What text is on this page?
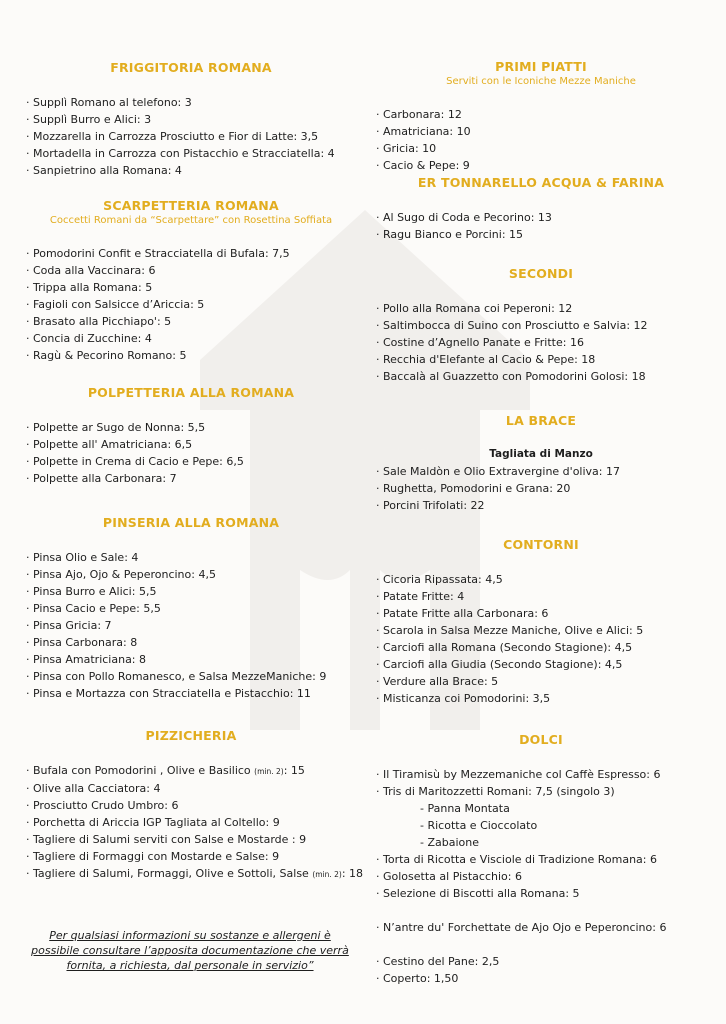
FRIGGITORIA ROMANA
· Supplì Romano al telefono: 3
· Supplì Burro e Alici: 3
· Mozzarella in Carrozza Prosciutto e Fior di Latte: 3,5
· Mortadella in Carrozza con Pistacchio e Stracciatella: 4
· Sanpietrino alla Romana: 4
SCARPETTERIA ROMANA
Coccetti Romani da “Scarpettare” con Rosettina Soffiata
· Pomodorini Confit e Stracciatella di Bufala: 7,5
· Coda alla Vaccinara: 6
· Trippa alla Romana: 5
· Fagioli con Salsicce d’Ariccia: 5
· Brasato alla Picchiapo': 5
· Concia di Zucchine: 4
· Ragù & Pecorino Romano: 5
POLPETTERIA ALLA ROMANA
· Polpette ar Sugo de Nonna: 5,5
· Polpette all' Amatriciana: 6,5
· Polpette in Crema di Cacio e Pepe: 6,5
· Polpette alla Carbonara: 7
PINSERIA ALLA ROMANA
· Pinsa Olio e Sale: 4
· Pinsa Ajo, Ojo & Peperoncino: 4,5
· Pinsa Burro e Alici: 5,5
· Pinsa Cacio e Pepe: 5,5
· Pinsa Gricia: 7
· Pinsa Carbonara: 8
· Pinsa Amatriciana: 8
· Pinsa con Pollo Romanesco, e Salsa MezzeManiche: 9
· Pinsa e Mortazza con Stracciatella e Pistacchio: 11
PIZZICHERIA
· Bufala con Pomodorini , Olive e Basilico (min. 2): 15
· Olive alla Cacciatora: 4
· Prosciutto Crudo Umbro: 6
· Porchetta di Ariccia IGP Tagliata al Coltello: 9
· Tagliere di Salumi serviti con Salse e Mostarde : 9
· Tagliere di Formaggi con Mostarde e Salse: 9
· Tagliere di Salumi, Formaggi, Olive e Sottoli, Salse (min. 2): 18
PRIMI PIATTI
Serviti con le Iconiche Mezze Maniche
· Carbonara: 12
· Amatriciana: 10
· Gricia: 10
· Cacio & Pepe: 9
ER TONNARELLO ACQUA & FARINA
· Al Sugo di Coda e Pecorino: 13
· Ragu Bianco e Porcini: 15
SECONDI
· Pollo alla Romana coi Peperoni: 12
· Saltimbocca di Suino con Prosciutto e Salvia: 12
· Costine d’Agnello Panate e Fritte: 16
· Recchia d'Elefante al Cacio & Pepe: 18
· Baccalà al Guazzetto con Pomodorini Golosi: 18
LA BRACE
Tagliata di Manzo
· Sale Maldòn e Olio Extravergine d'oliva: 17
· Rughetta, Pomodorini e Grana: 20
· Porcini Trifolati: 22
CONTORNI
· Cicoria Ripassata: 4,5
· Patate Fritte: 4
· Patate Fritte alla Carbonara: 6
· Scarola in Salsa Mezze Maniche, Olive e Alici: 5
· Carciofi alla Romana (Secondo Stagione): 4,5
· Carciofi alla Giudia (Secondo Stagione): 4,5
· Verdure alla Brace: 5
· Misticanza coi Pomodorini: 3,5
DOLCI
· Il Tiramisù by Mezzemaniche col Caffè Espresso: 6
· Tris di Maritozzetti Romani: 7,5 (singolo 3)
- Panna Montata
- Ricotta e Cioccolato
- Zabaione
· Torta di Ricotta e Visciole di Tradizione Romana: 6
· Golosetta al Pistacchio: 6
· Selezione di Biscotti alla Romana: 5
· N’antre du' Forchettate de Ajo Ojo e Peperoncino: 6
· Cestino del Pane: 2,5
· Coperto: 1,50
Per qualsiasi informazioni su sostanze e allergeni è possibile consultare l’apposita documentazione che verrà fornita, a richiesta, dal personale in servizio”
